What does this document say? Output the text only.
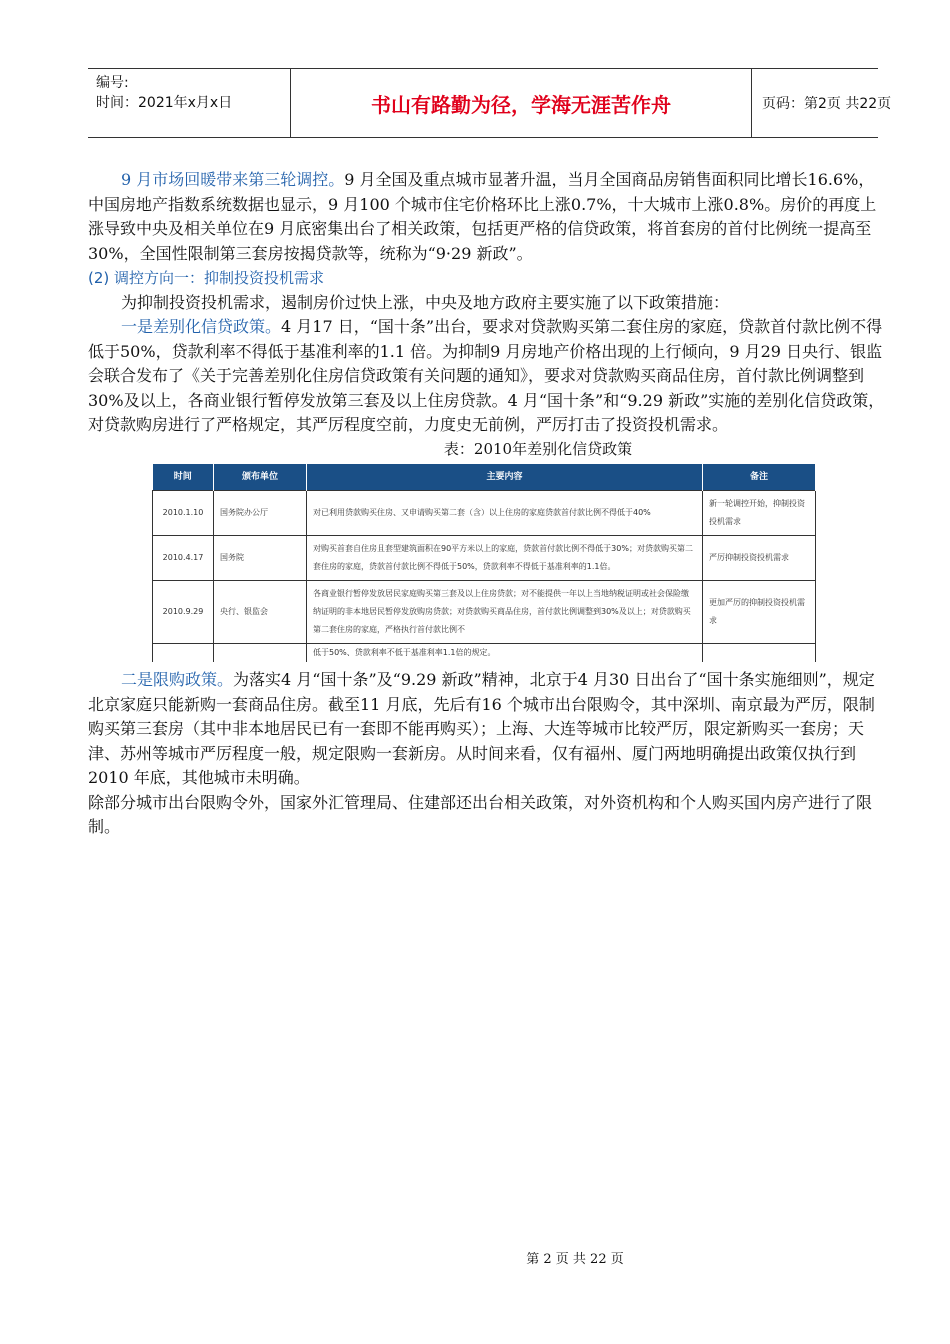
编号:
时间：2021年x月x日	书山有路勤为径，学海无涯苦作舟	页码：第2页 共22页

9 月市场回暖带来第三轮调控。9 月全国及重点城市显著升温，当月全国商品房销售面积同比增长16.6%，中国房地产指数系统数据也显示，9 月100 个城市住宅价格环比上涨0.7%，十大城市上涨0.8%。房价的再度上涨导致中央及相关单位在9 月底密集出台了相关政策，包括更严格的信贷政策，将首套房的首付比例统一提高至30%，全国性限制第三套房按揭贷款等，统称为“9·29 新政”。

(2) 调控方向一：抑制投资投机需求

为抑制投资投机需求，遏制房价过快上涨，中央及地方政府主要实施了以下政策措施：

一是差别化信贷政策。4 月17 日，“国十条”出台，要求对贷款购买第二套住房的家庭，贷款首付款比例不得低于50%，贷款利率不得低于基准利率的1.1 倍。为抑制9 月房地产价格出现的上行倾向，9 月29 日央行、银监会联合发布了《关于完善差别化住房信贷政策有关问题的通知》，要求对贷款购买商品住房，首付款比例调整到30%及以上，各商业银行暂停发放第三套及以上住房贷款。4 月“国十条”和“9.29 新政”实施的差别化信贷政策，对贷款购房进行了严格规定，其严厉程度空前，力度史无前例，严厉打击了投资投机需求。

表：2010年差别化信贷政策

时间	颁布单位	主要内容	备注
2010.1.10	国务院办公厅	对已利用贷款购买住房、又申请购买第二套（含）以上住房的家庭贷款首付款比例不得低于40%	新一轮调控开始，抑制投资投机需求
2010.4.17	国务院	对购买首套自住房且套型建筑面积在90平方米以上的家庭，贷款首付款比例不得低于30%；对贷款购买第二套住房的家庭，贷款首付款比例不得低于50%，贷款利率不得低于基准利率的1.1倍。	严厉抑制投资投机需求
2010.9.29	央行、银监会	各商业银行暂停发放居民家庭购买第三套及以上住房贷款；对不能提供一年以上当地纳税证明或社会保险缴纳证明的非本地居民暂停发放购房贷款；对贷款购买商品住房，首付款比例调整到30%及以上；对贷款购买第二套住房的家庭，严格执行首付款比例不	更加严厉的抑制投资投机需求
		低于50%、贷款利率不低于基准利率1.1倍的规定。	

二是限购政策。为落实4 月“国十条”及“9.29 新政”精神，北京于4 月30 日出台了“国十条实施细则”，规定北京家庭只能新购一套商品住房。截至11 月底，先后有16 个城市出台限购令，其中深圳、南京最为严厉，限制购买第三套房（其中非本地居民已有一套即不能再购买）；上海、大连等城市比较严厉，限定新购买一套房；天津、苏州等城市严厉程度一般，规定限购一套新房。从时间来看，仅有福州、厦门两地明确提出政策仅执行到2010 年底，其他城市未明确。

除部分城市出台限购令外，国家外汇管理局、住建部还出台相关政策，对外资机构和个人购买国内房产进行了限制。

第 2 页 共 22 页
